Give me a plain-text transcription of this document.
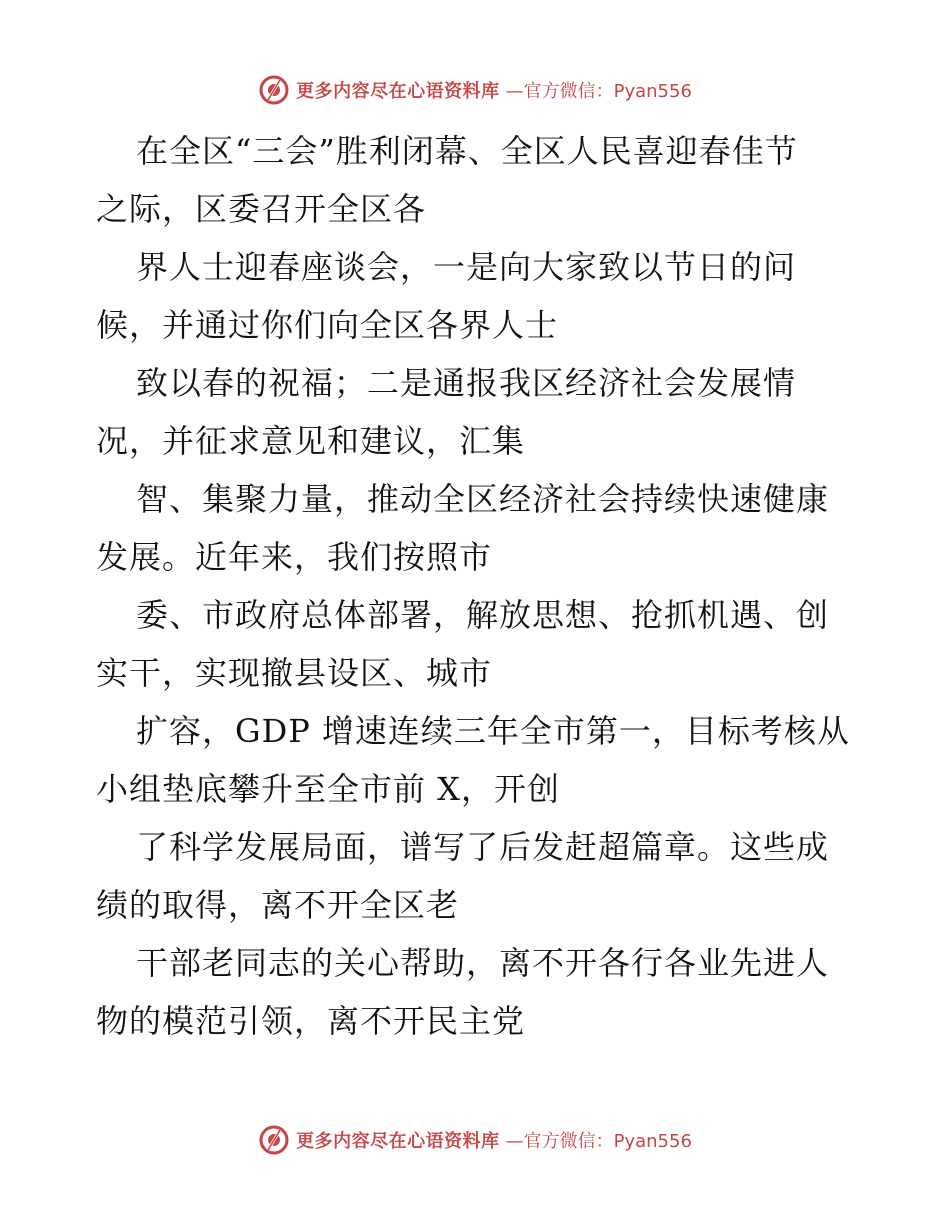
更多内容尽在心语资料库 —官方微信：Pyan556
在全区“三会”胜利闭幕、全区人民喜迎春佳节
之际，区委召开全区各
界人士迎春座谈会，一是向大家致以节日的问
候，并通过你们向全区各界人士
致以春的祝福；二是通报我区经济社会发展情
况，并征求意见和建议，汇集
智、集聚力量，推动全区经济社会持续快速健康
发展。近年来，我们按照市
委、市政府总体部署，解放思想、抢抓机遇、创
实干，实现撤县设区、城市
扩容，GDP 增速连续三年全市第一，目标考核从
小组垫底攀升至全市前 X，开创
了科学发展局面，谱写了后发赶超篇章。这些成
绩的取得，离不开全区老
干部老同志的关心帮助，离不开各行各业先进人
物的模范引领，离不开民主党
更多内容尽在心语资料库 —官方微信：Pyan556
